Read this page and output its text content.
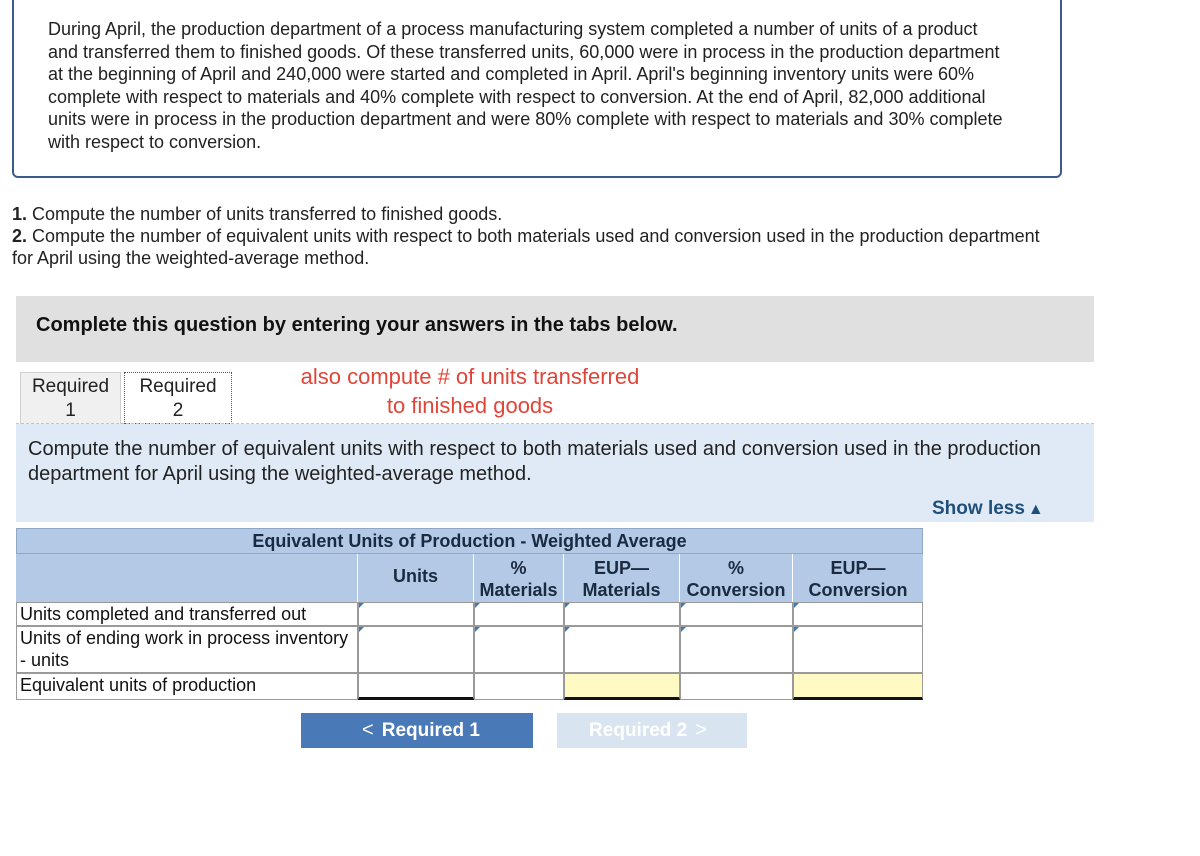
During April, the production department of a process manufacturing system completed a number of units of a product and transferred them to finished goods. Of these transferred units, 60,000 were in process in the production department at the beginning of April and 240,000 were started and completed in April. April's beginning inventory units were 60% complete with respect to materials and 40% complete with respect to conversion. At the end of April, 82,000 additional units were in process in the production department and were 80% complete with respect to materials and 30% complete with respect to conversion.
1. Compute the number of units transferred to finished goods.
2. Compute the number of equivalent units with respect to both materials used and conversion used in the production department for April using the weighted-average method.
Complete this question by entering your answers in the tabs below.
Required
1
Required
2
also compute # of units transferred to finished goods
Compute the number of equivalent units with respect to both materials used and conversion used in the production department for April using the weighted-average method.
Show less ▲
Equivalent Units of Production - Weighted Average
Units	%
Materials
EUP—
Materials
%
Conversion
EUP—
Conversion
Units completed and transferred out
Units of ending work in process inventory - units
Equivalent units of production
< Required 1	Required 2 >
